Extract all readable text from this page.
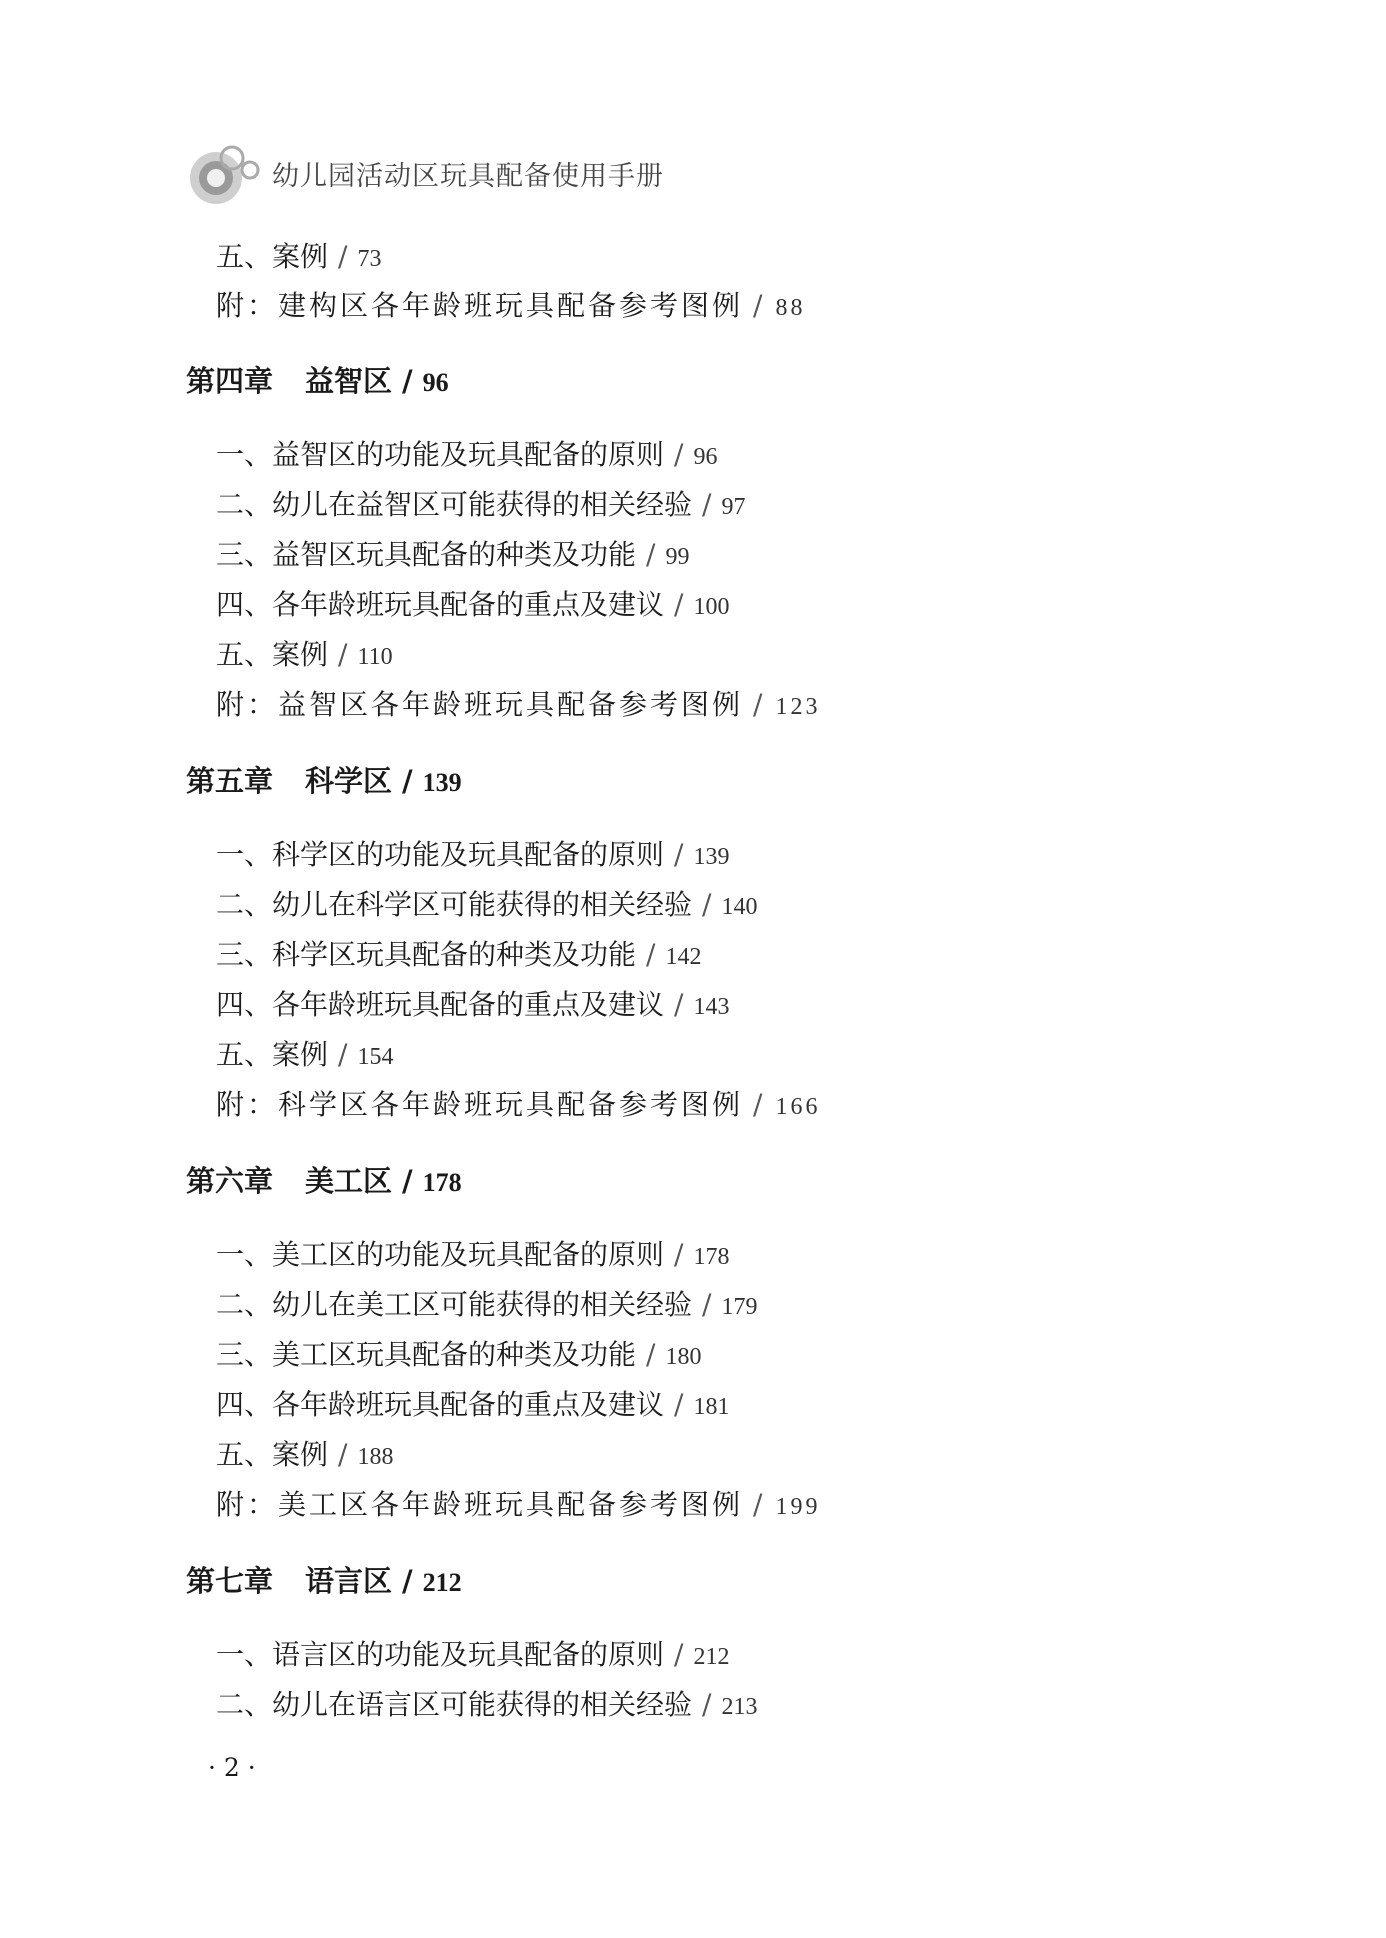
幼儿园活动区玩具配备使用手册
五、案例 / 73
附：建构区各年龄班玩具配备参考图例 / 88
第四章 益智区 / 96
一、益智区的功能及玩具配备的原则 / 96
二、幼儿在益智区可能获得的相关经验 / 97
三、益智区玩具配备的种类及功能 / 99
四、各年龄班玩具配备的重点及建议 / 100
五、案例 / 110
附：益智区各年龄班玩具配备参考图例 / 123
第五章 科学区 / 139
一、科学区的功能及玩具配备的原则 / 139
二、幼儿在科学区可能获得的相关经验 / 140
三、科学区玩具配备的种类及功能 / 142
四、各年龄班玩具配备的重点及建议 / 143
五、案例 / 154
附：科学区各年龄班玩具配备参考图例 / 166
第六章 美工区 / 178
一、美工区的功能及玩具配备的原则 / 178
二、幼儿在美工区可能获得的相关经验 / 179
三、美工区玩具配备的种类及功能 / 180
四、各年龄班玩具配备的重点及建议 / 181
五、案例 / 188
附：美工区各年龄班玩具配备参考图例 / 199
第七章 语言区 / 212
一、语言区的功能及玩具配备的原则 / 212
二、幼儿在语言区可能获得的相关经验 / 213
· 2 ·
